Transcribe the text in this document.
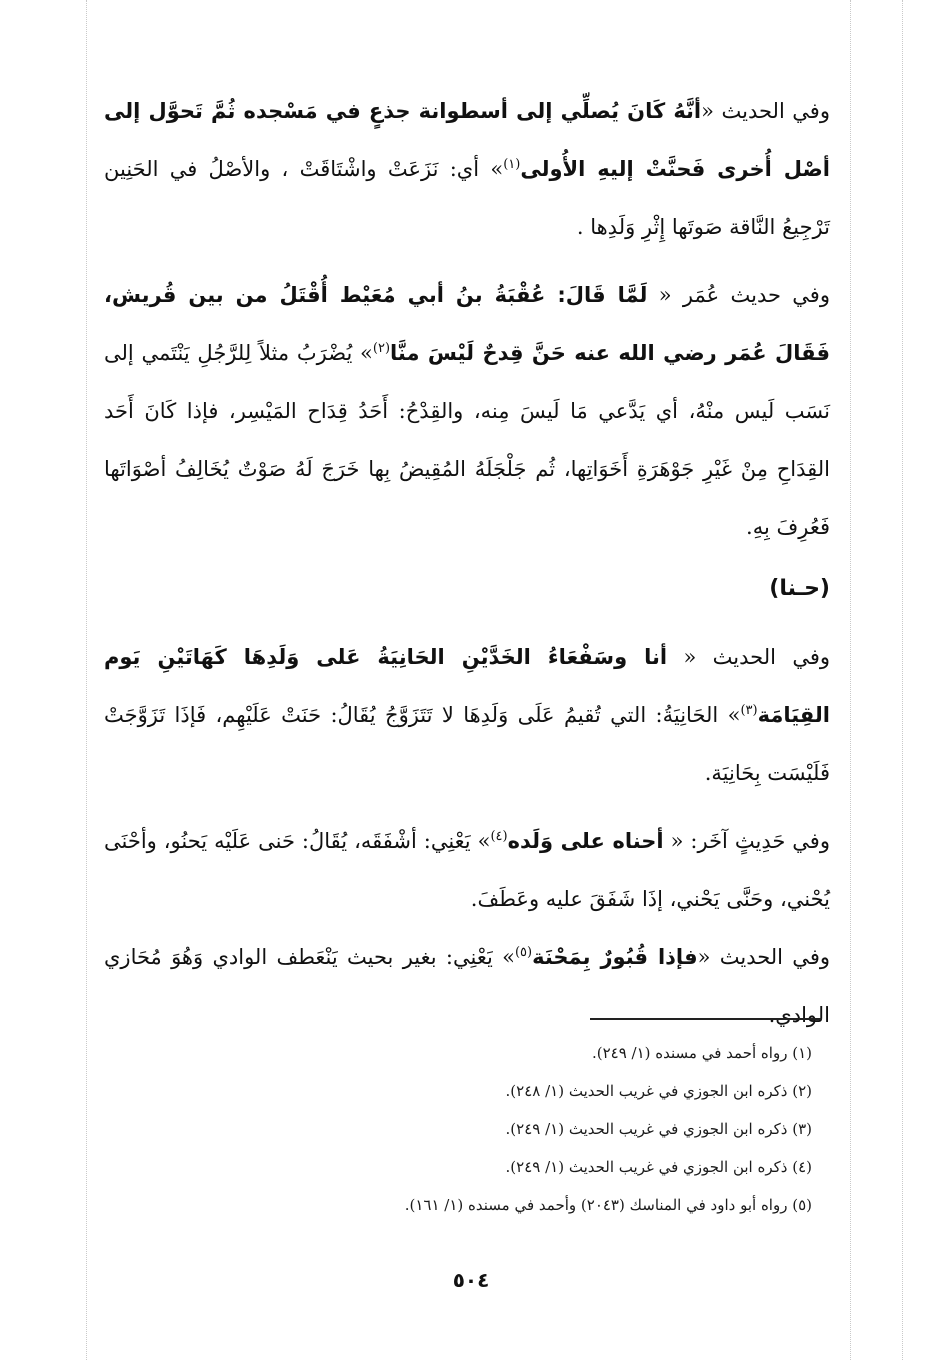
وفي الحديث «أنَّهُ كَانَ يُصلِّي إلى أسطوانة جذعٍ في مَسْجده ثُمَّ تَحوَّل إلى أصْل أُخرى فَحنَّتْ إليهِ الأُولى$^{(١)}$» أي: نَزَعَتْ واشْتَاقَتْ ، والأصْلُ في الحَنِين تَرْجِيعُ النَّاقة صَوتَها إِثْرِ وَلَدِها .

وفي حديث عُمَر « لَمَّا قَالَ: عُقْبَةُ بنُ أبي مُعَيْط أُقْتَلُ من بين قُريش، فَقَالَ عُمَر رضي الله عنه حَنَّ قِدحٌ لَيْسَ منَّا$^{(٢)}$» يُضْرَبُ مثلاً لِلرَّجُلِ يَنْتَمي إلى نَسَب لَيس منْهُ، أي يَدَّعي مَا لَيسَ مِنه، والقِدْحُ: أَحَدُ قِدَاح المَيْسِر، فإذا كَانَ أَحَد القِدَاحِ مِنْ غَيْرِ جَوْهَرَةِ أَخَوَاتِها، ثُم جَلْجَلَهُ المُقِيضُ بِها خَرَجَ لَهُ صَوْتٌ يُخَالِفُ أصْوَاتَها فَعُرِفَ بِهِ.

(حـنا)

وفي الحديث « أنا وسَفْعَاءُ الخَدَّيْنِ الحَانِيَةُ عَلى وَلَدِهَا كَهَاتَيْنِ يَوم القِيَامَة$^{(٣)}$» الحَانِيَةُ: التي تُقيمُ عَلَى وَلَدِهَا لا تَتَزَوَّجُ يُقَالُ: حَنَتْ عَلَيْهِم، فَإذَا تَزَوَّجَتْ فَلَيْسَت بِحَانِيَة.

وفي حَدِيثٍ آخَر: « أحناه على وَلَده$^{(٤)}$» يَعْنِي: أشْفَقَه، يُقَالُ: حَنى عَلَيْه يَحنُو، وأحْنَى يُحْني، وحَنَّى يَحْني، إذَا شَفَقَ عليه وعَطَفَ.

وفي الحديث «فإذا قُبُورٌ بِمَحْنَة$^{(٥)}$» يَعْنِي: بغير بحيث يَنْعَطف الوادي وَهُوَ مُحَازي الوادي.

(١) رواه أحمد في مسنده (١/ ٢٤٩).

(٢) ذكره ابن الجوزي في غريب الحديث (١/ ٢٤٨).

(٣) ذكره ابن الجوزي في غريب الحديث (١/ ٢٤٩).

(٤) ذكره ابن الجوزي في غريب الحديث (١/ ٢٤٩).

(٥) رواه أبو داود في المناسك (٢٠٤٣) وأحمد في مسنده (١/ ١٦١).

٥٠٤
